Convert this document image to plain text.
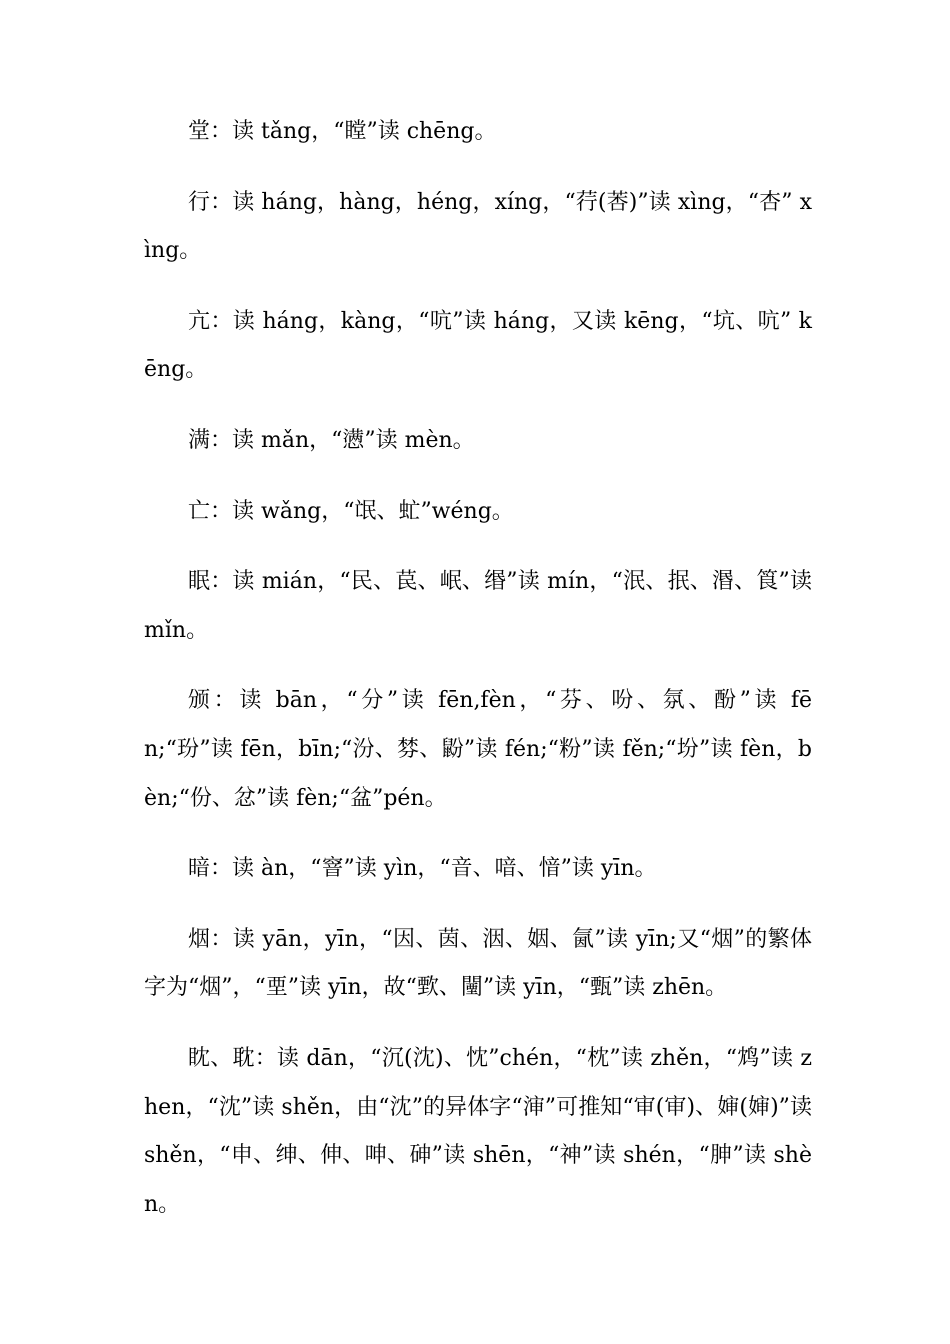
堂：读 tǎng，“瞠”读 chēng。

行：读 háng，hàng，héng，xíng，“荇(莕)”读 xìng，“杏” xìng。

亢：读 háng，kàng，“吭”读 háng，又读 kēng，“坑、吭” kēng。

满：读 mǎn，“懑”读 mèn。

亡：读 wǎng，“氓、虻”wéng。

眠：读 mián，“民、苠、岷、缗”读 mín，“泯、抿、湣、筤”读 mǐn。

颁：读 bān，“分”读 fēn,fèn，“芬、吩、氛、酚”读 fēn;“玢”读 fēn，bīn;“汾、棼、鼢”读 fén;“粉”读 fěn;“坋”读 fèn，bèn;“份、忿”读 fèn;“盆”pén。

暗：读 àn，“窨”读 yìn，“音、喑、愔”读 yīn。

烟：读 yān，yīn，“因、茵、洇、姻、氤”读 yīn;又“烟”的繁体字为“烟”，“垔”读 yīn，故“歅、闉”读 yīn，“甄”读 zhēn。

眈、耽：读 dān，“沉(沈)、忱”chén，“枕”读 zhěn，“鸩”读 zhen，“沈”读 shěn，由“沈”的异体字“渖”可推知“审(审)、婶(婶)”读 shěn，“申、绅、伸、呻、砷”读 shēn，“神”读 shén，“胂”读 shèn。
